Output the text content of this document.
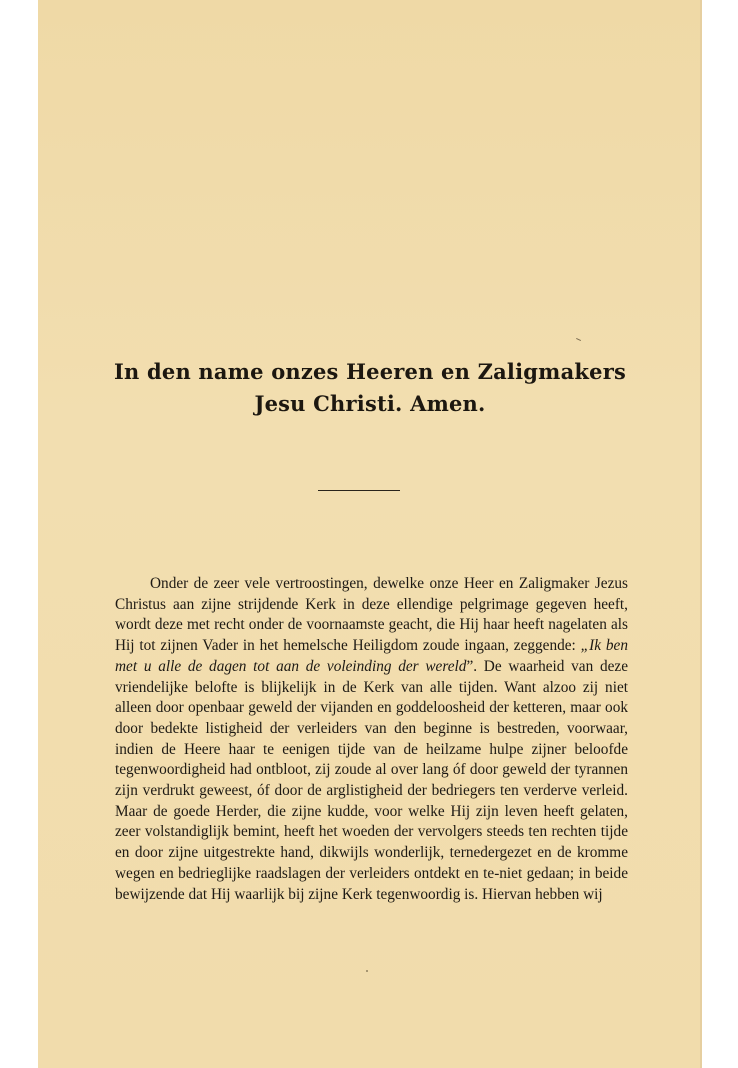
In den name onzes Heeren en Zaligmakers
Jesu Christi. Amen.

Onder de zeer vele vertroostingen, dewelke onze Heer en Zaligmaker Jezus Christus aan zijne strijdende Kerk in deze ellendige pelgrimage gegeven heeft, wordt deze met recht onder de voornaamste geacht, die Hij haar heeft nagelaten als Hij tot zijnen Vader in het hemelsche Heiligdom zoude ingaan, zeggende: „Ik ben met u alle de dagen tot aan de voleinding der wereld”. De waarheid van deze vriendelijke belofte is blijkelijk in de Kerk van alle tijden. Want alzoo zij niet alleen door openbaar geweld der vijanden en goddeloosheid der ketteren, maar ook door bedekte listigheid der verleiders van den beginne is bestreden, voorwaar, indien de Heere haar te eenigen tijde van de heilzame hulpe zijner beloofde tegenwoordigheid had ontbloot, zij zoude al over lang óf door geweld der tyrannen zijn verdrukt geweest, óf door de arglistigheid der bedriegers ten verderve verleid. Maar de goede Herder, die zijne kudde, voor welke Hij zijn leven heeft gelaten, zeer volstandiglijk bemint, heeft het woeden der vervolgers steeds ten rechten tijde en door zijne uitgestrekte hand, dikwijls wonderlijk, ternedergezet en de kromme wegen en bedrieglijke raadslagen der verleiders ontdekt en te-niet gedaan; in beide bewijzende dat Hij waarlijk bij zijne Kerk tegenwoordig is. Hiervan hebben wij
